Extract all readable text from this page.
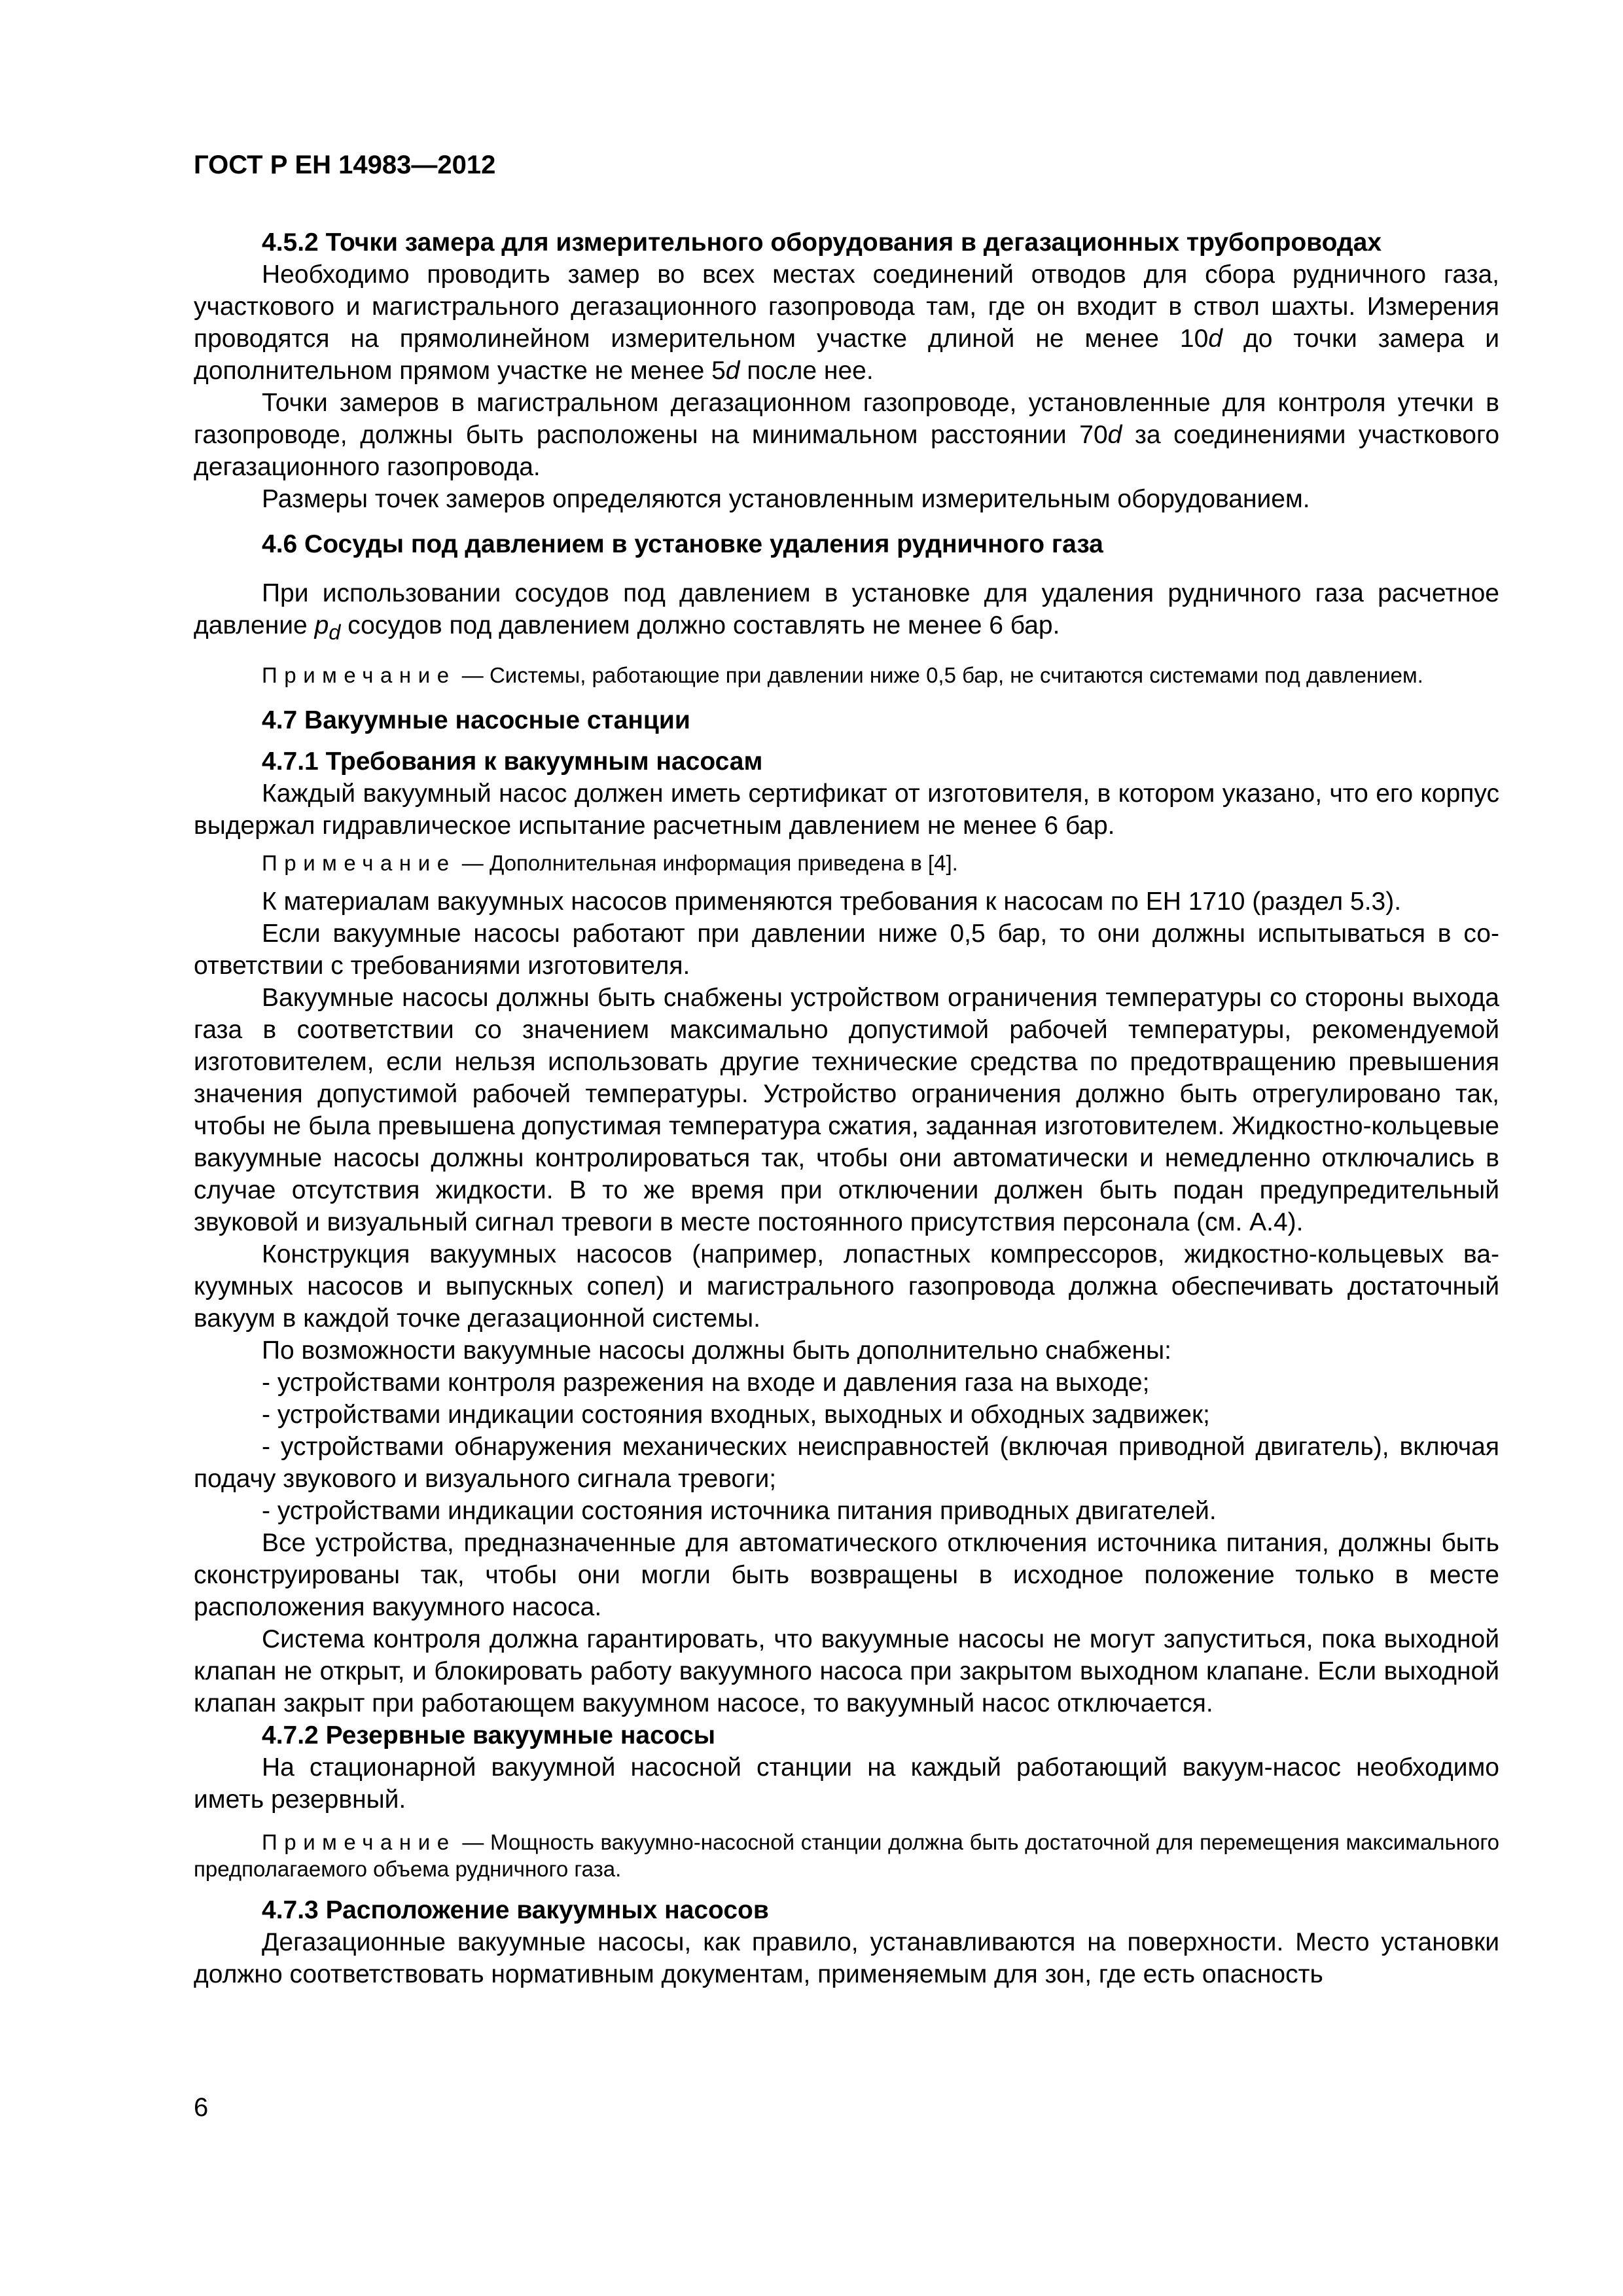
ГОСТ Р ЕН 14983—2012

4.5.2 Точки замера для измерительного оборудования в дегазационных трубопроводах

Необходимо проводить замер во всех местах соединений отводов для сбора рудничного газа, участкового и магистрального дегазационного газопровода там, где он входит в ствол шахты. Измерения проводятся на прямолинейном измерительном участке длиной не менее 10d до точки замера и дополнительном прямом участке не менее 5d после нее.

Точки замеров в магистральном дегазационном газопроводе, установленные для контроля утечки в газопроводе, должны быть расположены на минимальном расстоянии 70d за соединениями участкового дегазационного газопровода.

Размеры точек замеров определяются установленным измерительным оборудованием.

4.6 Сосуды под давлением в установке удаления рудничного газа

При использовании сосудов под давлением в установке для удаления рудничного газа расчетное давление $p_d$ сосудов под давлением должно составлять не менее 6 бар.

Примечание — Системы, работающие при давлении ниже 0,5 бар, не считаются системами под давлением.

4.7 Вакуумные насосные станции

4.7.1 Требования к вакуумным насосам

Каждый вакуумный насос должен иметь сертификат от изготовителя, в котором указано, что его корпус выдержал гидравлическое испытание расчетным давлением не менее 6 бар.

Примечание — Дополнительная информация приведена в [4].

К материалам вакуумных насосов применяются требования к насосам по ЕН 1710 (раздел 5.3).

Если вакуумные насосы работают при давлении ниже 0,5 бар, то они должны испытываться в соответствии с требованиями изготовителя.

Вакуумные насосы должны быть снабжены устройством ограничения температуры со стороны выхода газа в соответствии со значением максимально допустимой рабочей температуры, рекомендуемой изготовителем, если нельзя использовать другие технические средства по предотвращению превышения значения допустимой рабочей температуры. Устройство ограничения должно быть отрегулировано так, чтобы не была превышена допустимая температура сжатия, заданная изготовителем. Жидкостно-кольцевые вакуумные насосы должны контролироваться так, чтобы они автоматически и немедленно отключались в случае отсутствия жидкости. В то же время при отключении должен быть подан предупредительный звуковой и визуальный сигнал тревоги в месте постоянного присутствия персонала (см. А.4).

Конструкция вакуумных насосов (например, лопастных компрессоров, жидкостно-кольцевых вакуумных насосов и выпускных сопел) и магистрального газопровода должна обеспечивать достаточный вакуум в каждой точке дегазационной системы.

По возможности вакуумные насосы должны быть дополнительно снабжены:

- устройствами контроля разрежения на входе и давления газа на выходе;

- устройствами индикации состояния входных, выходных и обходных задвижек;

- устройствами обнаружения механических неисправностей (включая приводной двигатель), включая подачу звукового и визуального сигнала тревоги;

- устройствами индикации состояния источника питания приводных двигателей.

Все устройства, предназначенные для автоматического отключения источника питания, должны быть сконструированы так, чтобы они могли быть возвращены в исходное положение только в месте расположения вакуумного насоса.

Система контроля должна гарантировать, что вакуумные насосы не могут запуститься, пока выходной клапан не открыт, и блокировать работу вакуумного насоса при закрытом выходном клапане. Если выходной клапан закрыт при работающем вакуумном насосе, то вакуумный насос отключается.

4.7.2 Резервные вакуумные насосы

На стационарной вакуумной насосной станции на каждый работающий вакуум-насос необходимо иметь резервный.

Примечание — Мощность вакуумно-насосной станции должна быть достаточной для перемещения максимального предполагаемого объема рудничного газа.

4.7.3 Расположение вакуумных насосов

Дегазационные вакуумные насосы, как правило, устанавливаются на поверхности. Место установки должно соответствовать нормативным документам, применяемым для зон, где есть опасность

6
